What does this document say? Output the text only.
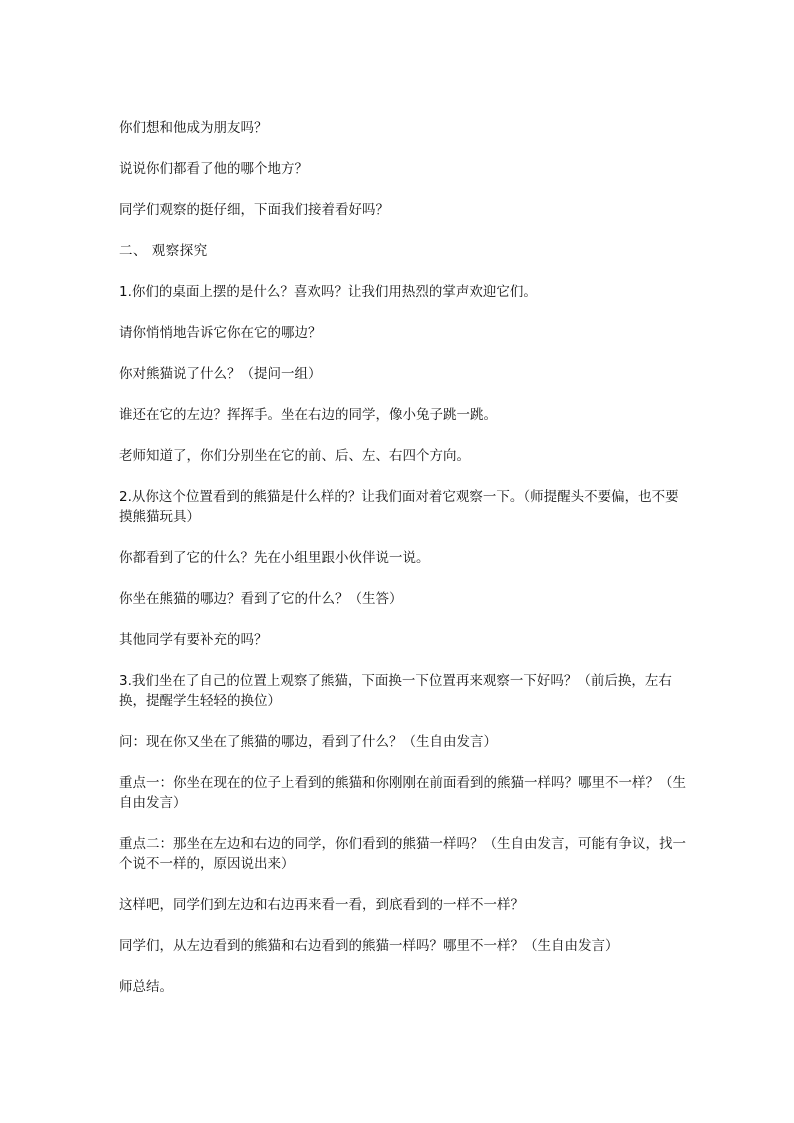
你们想和他成为朋友吗？

说说你们都看了他的哪个地方？

同学们观察的挺仔细，下面我们接着看好吗？

二、 观察探究

1.你们的桌面上摆的是什么？喜欢吗？让我们用热烈的掌声欢迎它们。

请你悄悄地告诉它你在它的哪边？

你对熊猫说了什么？（提问一组）

谁还在它的左边？挥挥手。坐在右边的同学，像小兔子跳一跳。

老师知道了，你们分别坐在它的前、后、左、右四个方向。

2.从你这个位置看到的熊猫是什么样的？让我们面对着它观察一下。（师提醒头不要偏，也不要摸熊猫玩具）

你都看到了它的什么？先在小组里跟小伙伴说一说。

你坐在熊猫的哪边？看到了它的什么？（生答）

其他同学有要补充的吗？

3.我们坐在了自己的位置上观察了熊猫，下面换一下位置再来观察一下好吗？（前后换，左右换，提醒学生轻轻的换位）

问：现在你又坐在了熊猫的哪边，看到了什么？（生自由发言）

重点一：你坐在现在的位子上看到的熊猫和你刚刚在前面看到的熊猫一样吗？哪里不一样？（生自由发言）

重点二：那坐在左边和右边的同学，你们看到的熊猫一样吗？（生自由发言，可能有争议，找一个说不一样的，原因说出来）

这样吧，同学们到左边和右边再来看一看，到底看到的一样不一样？

同学们，从左边看到的熊猫和右边看到的熊猫一样吗？哪里不一样？（生自由发言）

师总结。
